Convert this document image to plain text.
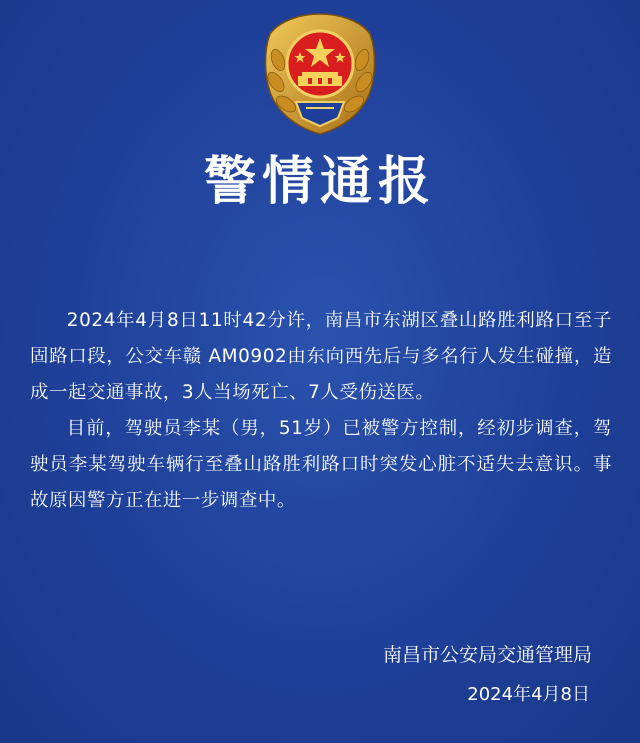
警情通报

2024年4月8日11时42分许，南昌市东湖区叠山路胜利路口至子固路口段，公交车赣 AM0902由东向西先后与多名行人发生碰撞，造成一起交通事故，3人当场死亡、7人受伤送医。

目前，驾驶员李某（男，51岁）已被警方控制，经初步调查，驾驶员李某驾驶车辆行至叠山路胜利路口时突发心脏不适失去意识。事故原因警方正在进一步调查中。

南昌市公安局交通管理局
2024年4月8日
